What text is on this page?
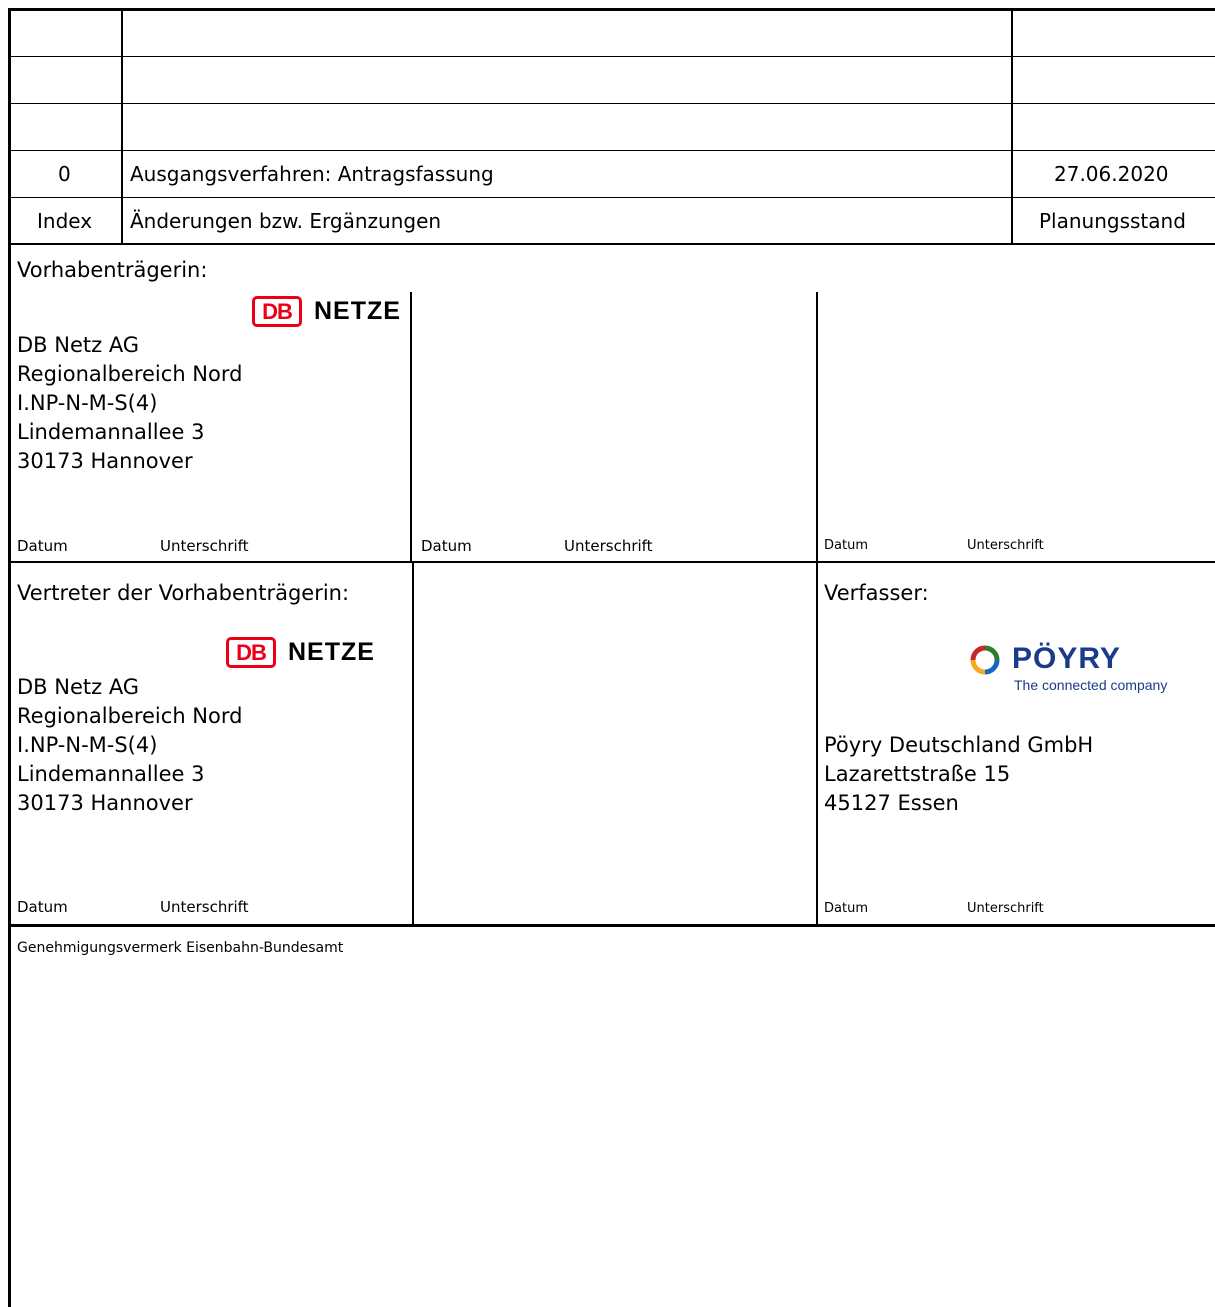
0	Ausgangsverfahren: Antragsfassung	27.06.2020
Index Änderungen bzw. Ergänzungen	Planungsstand
Vorhabenträgerin:
DB NETZE
DB Netz AG
Regionalbereich Nord
I.NP-N-M-S(4)
Lindemannallee 3
30173 Hannover
Datum	Unterschrift	Datum	Unterschrift	Datum	Unterschrift
Vertreter der Vorhabenträgerin:
DB NETZE
DB Netz AG
Regionalbereich Nord
I.NP-N-M-S(4)
Lindemannallee 3
30173 Hannover
Datum	Unterschrift
Verfasser:
PÖYRY
The connected company
Pöyry Deutschland GmbH
Lazarettstraße 15
45127 Essen
Datum	Unterschrift
Genehmigungsvermerk Eisenbahn-Bundesamt
